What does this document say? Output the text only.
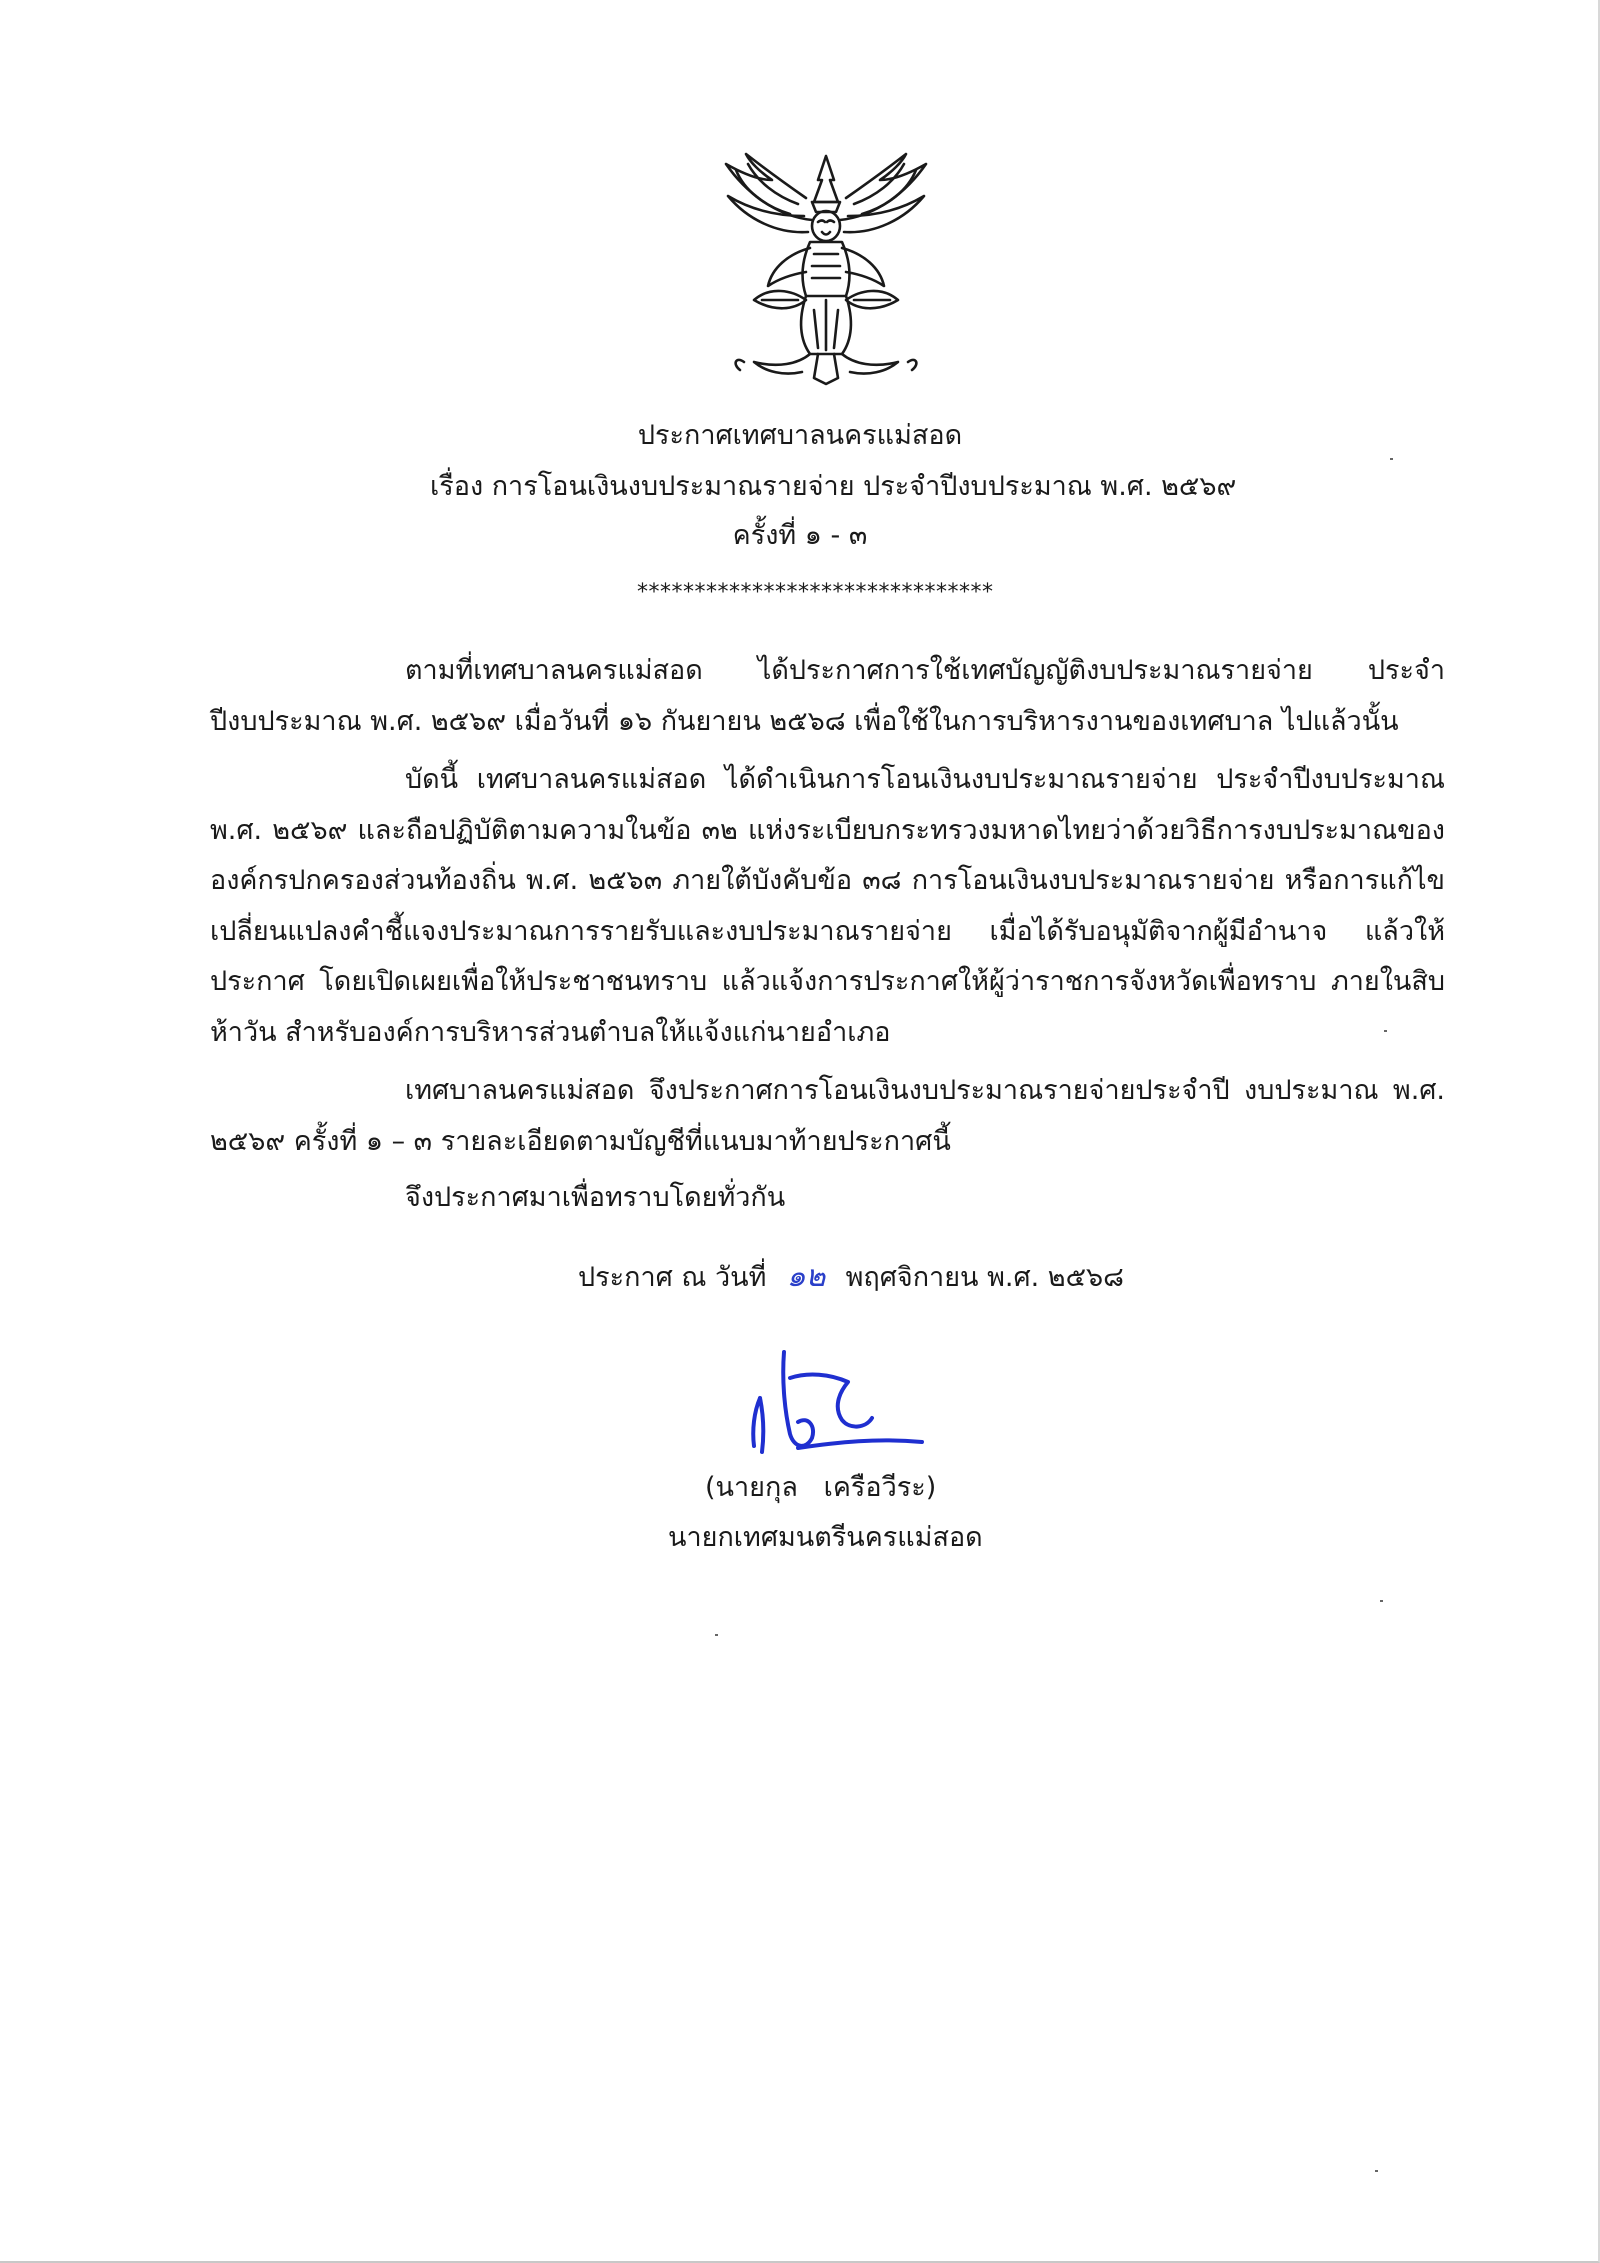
ประกาศเทศบาลนครแม่สอด
เรื่อง การโอนเงินงบประมาณรายจ่าย ประจำปีงบประมาณ พ.ศ. ๒๕๖๙
ครั้งที่ ๑ - ๓
*******************************
ตามที่เทศบาลนครแม่สอด ได้ประกาศการใช้เทศบัญญัติงบประมาณรายจ่าย ประจำปีงบประมาณ พ.ศ. ๒๕๖๙ เมื่อวันที่ ๑๖ กันยายน ๒๕๖๘ เพื่อใช้ในการบริหารงานของเทศบาล ไปแล้วนั้น
บัดนี้ เทศบาลนครแม่สอด ได้ดำเนินการโอนเงินงบประมาณรายจ่าย ประจำปีงบประมาณ พ.ศ. ๒๕๖๙ และถือปฏิบัติตามความในข้อ ๓๒ แห่งระเบียบกระทรวงมหาดไทยว่าด้วยวิธีการงบประมาณขององค์กรปกครองส่วนท้องถิ่น พ.ศ. ๒๕๖๓ ภายใต้บังคับข้อ ๓๘ การโอนเงินงบประมาณรายจ่าย หรือการแก้ไขเปลี่ยนแปลงคำชี้แจงประมาณการรายรับและงบประมาณรายจ่าย เมื่อได้รับอนุมัติจากผู้มีอำนาจ แล้วให้ประกาศ โดยเปิดเผยเพื่อให้ประชาชนทราบ แล้วแจ้งการประกาศให้ผู้ว่าราชการจังหวัดเพื่อทราบ ภายในสิบห้าวัน สำหรับองค์การบริหารส่วนตำบลให้แจ้งแก่นายอำเภอ
เทศบาลนครแม่สอด จึงประกาศการโอนเงินงบประมาณรายจ่ายประจำปี งบประมาณ พ.ศ. ๒๕๖๙ ครั้งที่ ๑ – ๓ รายละเอียดตามบัญชีที่แนบมาท้ายประกาศนี้
จึงประกาศมาเพื่อทราบโดยทั่วกัน
ประกาศ ณ วันที่ ๑๒ พฤศจิกายน พ.ศ. ๒๕๖๘
(นายกุล   เครือวีระ)
นายกเทศมนตรีนครแม่สอด
